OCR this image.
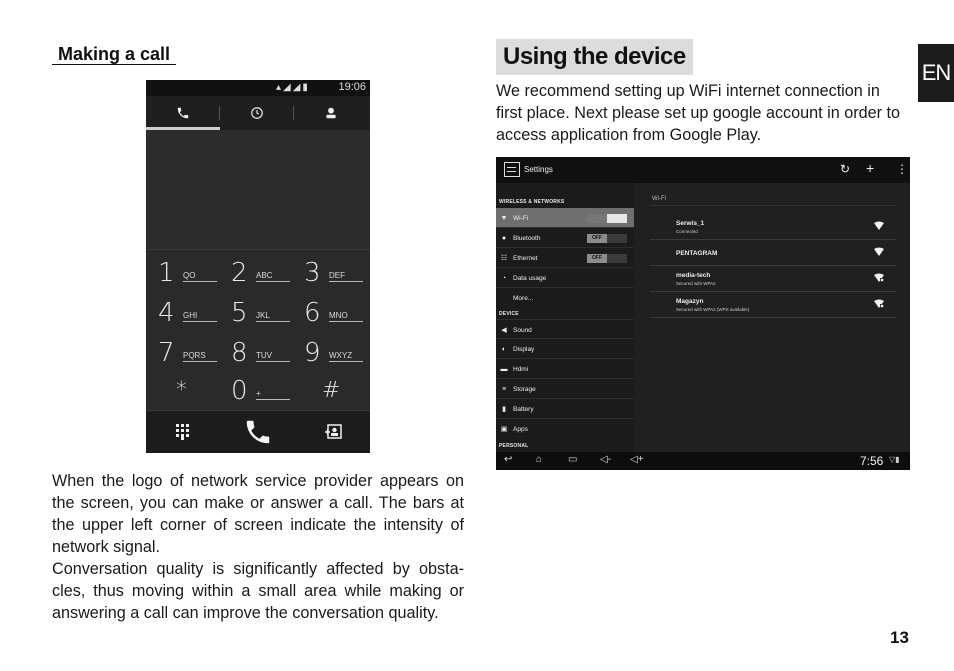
Making a call
▴◢◢▮	19:06
1 QO	2 ABC	3 DEF
4 GHI	5 JKL	6 MNO
7 PQRS 8 TUV	9 WXYZ
* 0 +	#

When the logo of network service provider appears on the screen, you can make or answer a call. The bars at the upper left corner of screen indicate the intensity of network signal.

Conversation quality is significantly affected by obsta-cles, thus moving within a small area while making or answering a call can improve the conversation quality.

Using the device
EN
We recommend setting up WiFi internet connection in first place. Next please set up google account in order to access application from Google Play.
Settings	↻ + ⋮
WIRELESS & NETWORKS
▼ Wi-Fi
● Bluetooth	OFF
☷ Ethernet	OFF
◔ Data usage
More...
DEVICE
◀ Sound
◐ Display
▬ Hdmi
≡	Storage
▮	Battery
▣ Apps
PERSONAL
Wi-Fi
Serwis_1
Connected
PENTAGRAM
media-tech
Secured with WPA2
Magazyn
Secured with WPA2 (WPS available)
↩ ⌂	▭ ◁- ◁+	7:56 ▽▮
13
